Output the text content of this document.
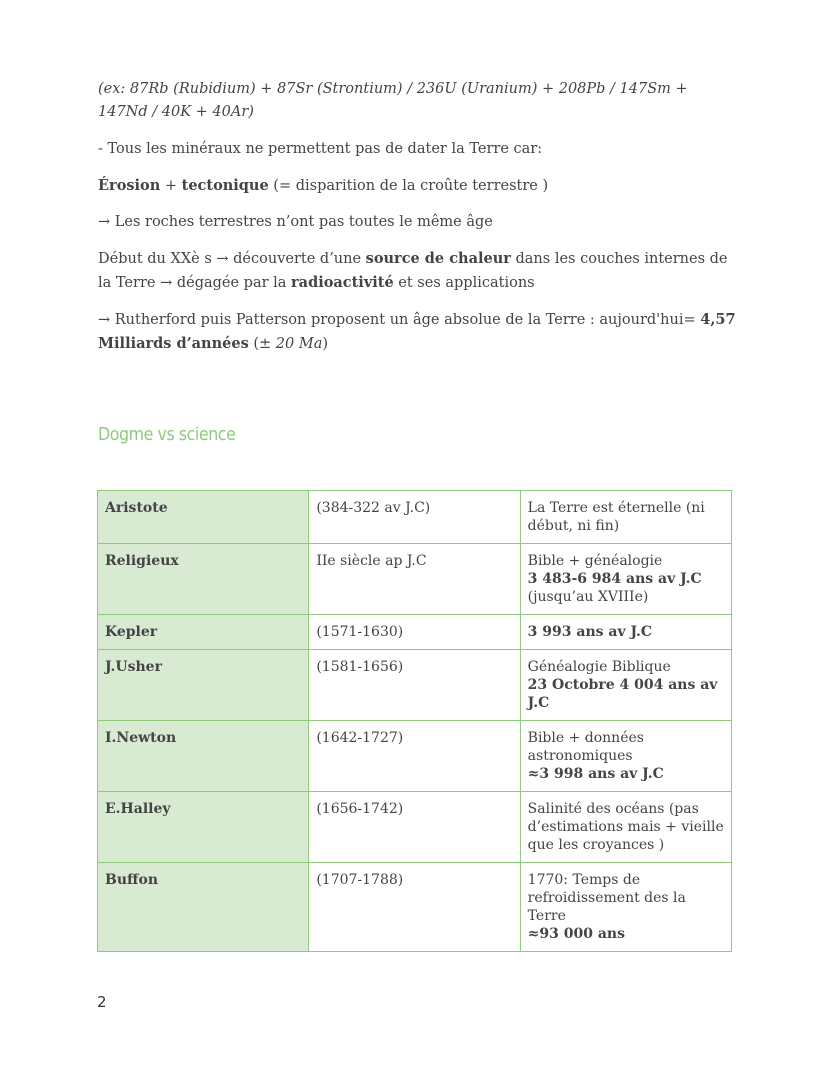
(ex: 87Rb (Rubidium) + 87Sr (Strontium) / 236U (Uranium) + 208Pb / 147Sm + 147Nd / 40K + 40Ar)

- Tous les minéraux ne permettent pas de dater la Terre car:

Érosion + tectonique (= disparition de la croûte terrestre )

→ Les roches terrestres n’ont pas toutes le même âge

Début du XXè s → découverte d’une source de chaleur dans les couches internes de la Terre → dégagée par la radioactivité et ses applications

→ Rutherford puis Patterson proposent un âge absolue de la Terre : aujourd'hui= 4,57 Milliards d’années (± 20 Ma)

Dogme vs science
Aristote	(384-322 av J.C)	La Terre est éternelle (ni début, ni fin)

Religieux	IIe siècle ap J.C	Bible + généalogie
3 483-6 984 ans av J.C
(jusqu’au XVIIIe)

Kepler	(1571-1630)	3 993 ans av J.C

J.Usher	(1581-1656)	Généalogie Biblique
23 Octobre 4 004 ans av J.C

I.Newton	(1642-1727)	Bible + données astronomiques
≈3 998 ans av J.C

E.Halley	(1656-1742)	Salinité des océans (pas d’estimations mais + vieille que les croyances )

Buffon	(1707-1788)	1770: Temps de refroidissement des la Terre
≈93 000 ans
2
